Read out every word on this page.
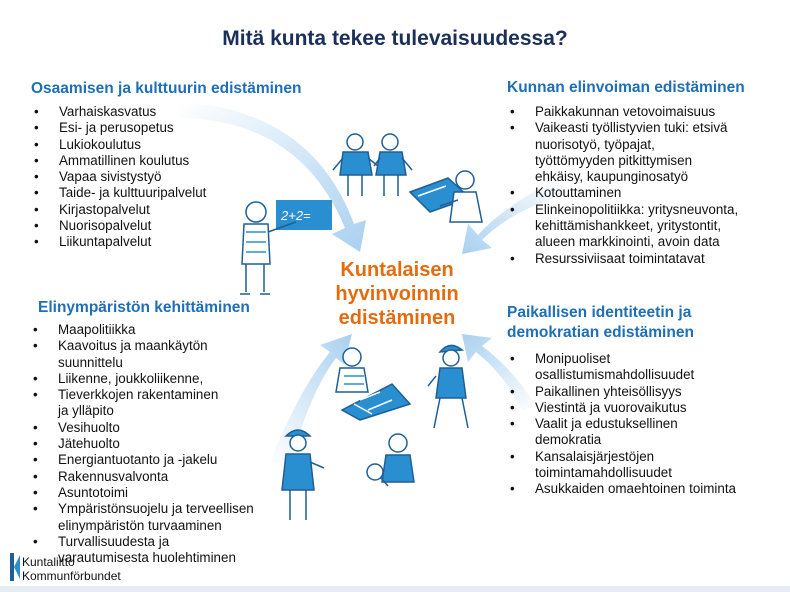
Mitä kunta tekee tulevaisuudessa?
Osaamisen ja kulttuurin edistäminen
• Varhaiskasvatus
• Esi- ja perusopetus
• Lukiokoulutus
• Ammatillinen koulutus
• Vapaa sivistystyö
• Taide- ja kulttuuripalvelut
• Kirjastopalvelut
• Nuorisopalvelut
• Liikuntapalvelut
Kunnan elinvoiman edistäminen
• Paikkakunnan vetovoimaisuus
• Vaikeasti työllistyvien tuki: etsivä
nuorisotyö, työpajat,
työttömyyden pitkittymisen
ehkäisy, kaupunginosatyö
• Kotouttaminen
• Elinkeinopolitiikka: yritysneuvonta,
kehittämishankkeet, yritystontit,
alueen markkinointi, avoin data
• Resurssiviisaat toimintatavat
Elinympäristön kehittäminen
• Maapolitiikka
• Kaavoitus ja maankäytön
suunnittelu
• Liikenne, joukkoliikenne,
• Tieverkkojen rakentaminen
ja ylläpito
• Vesihuolto
• Jätehuolto
• Energiantuotanto ja -jakelu
• Rakennusvalvonta
• Asuntotoimi
• Ympäristönsuojelu ja terveellisen
elinympäristön turvaaminen
• Turvallisuudesta ja
varautumisesta huolehtiminen
Paikallisen identiteetin ja
demokratian edistäminen
• Monipuoliset
osallistumismahdollisuudet
• Paikallinen yhteisöllisyys
• Viestintä ja vuorovaikutus
• Vaalit ja edustuksellinen
demokratia
• Kansalaisjärjestöjen
toimintamahdollisuudet
• Asukkaiden omaehtoinen toiminta
Kuntalaisen
hyvinvoinnin
edistäminen
2+2=
Kuntaliitto
Kommunförbundet
